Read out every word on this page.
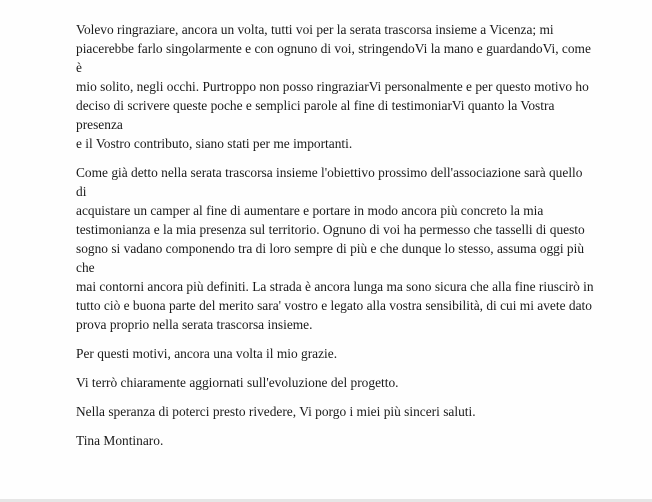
Volevo ringraziare, ancora un volta, tutti voi per la serata trascorsa insieme a Vicenza; mi
piacerebbe farlo singolarmente e con ognuno di voi, stringendoVi la mano e guardandoVi, come è
mio solito, negli occhi. Purtroppo non posso ringraziarVi personalmente e per questo motivo ho
deciso di scrivere queste poche e semplici parole al fine di testimoniarVi quanto la Vostra presenza
e il Vostro contributo, siano stati per me importanti.

Come già detto nella serata trascorsa insieme l'obiettivo prossimo dell'associazione sarà quello di
acquistare un camper al fine di aumentare e portare in modo ancora più concreto la mia
testimonianza e la mia presenza sul territorio. Ognuno di voi ha permesso che tasselli di questo
sogno si vadano componendo tra di loro sempre di più e che dunque lo stesso, assuma oggi più che
mai contorni ancora più definiti. La strada è ancora lunga ma sono sicura che alla fine riuscirò in
tutto ciò e buona parte del merito sara' vostro e legato alla vostra sensibilità, di cui mi avete dato
prova proprio nella serata trascorsa insieme.

Per questi motivi, ancora una volta il mio grazie.

Vi terrò chiaramente aggiornati sull'evoluzione del progetto.

Nella speranza di poterci presto rivedere, Vi porgo i miei più sinceri saluti.

Tina Montinaro.
